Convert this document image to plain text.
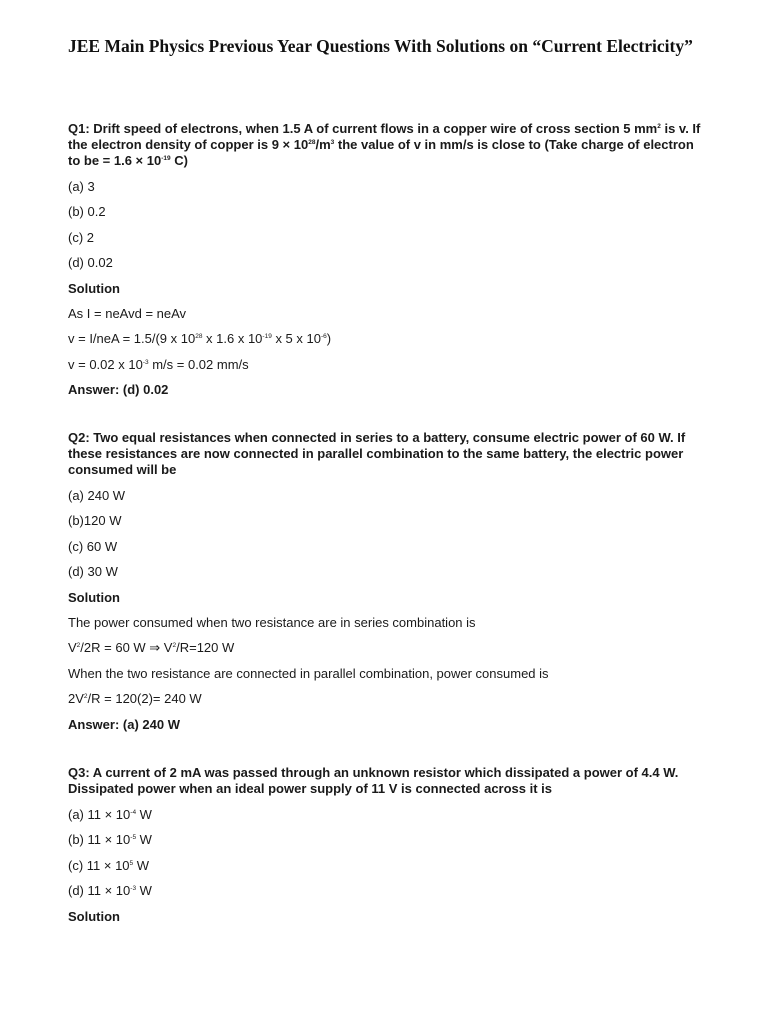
JEE Main Physics Previous Year Questions With Solutions on “Current Electricity”

Q1: Drift speed of electrons, when 1.5 A of current flows in a copper wire of cross section 5 $mm^2$ is v. If the electron density of copper is $9 \times 10^{28}/m^3$ the value of v in mm/s is close to (Take charge of electron to be = $1.6 \times 10^{-19}$ C)

(a) 3

(b) 0.2

(c) 2

(d) 0.02

Solution

As I = neAvd = neAv

v = I/neA = 1.5/(9 x $10^{28}$ x 1.6 x $10^{-19}$ x 5 x $10^{-6}$)

v = 0.02 x $10^{-3}$ m/s = 0.02 mm/s

Answer: (d) 0.02

Q2: Two equal resistances when connected in series to a battery, consume electric power of 60 W. If these resistances are now connected in parallel combination to the same battery, the electric power consumed will be

(a) 240 W

(b)120 W

(c) 60 W

(d) 30 W

Solution

The power consumed when two resistance are in series combination is

$V^2/2R = 60$ W ⇒ $V^2/R=120$ W

When the two resistance are connected in parallel combination, power consumed is

$2V^2/R = 120(2)= 240$ W

Answer: (a) 240 W

Q3: A current of 2 mA was passed through an unknown resistor which dissipated a power of 4.4 W. Dissipated power when an ideal power supply of 11 V is connected across it is

(a) $11 \times 10^{-4}$ W

(b) $11 \times 10^{-5}$ W

(c) $11 \times 10^5$ W

(d) $11 \times 10^{-3}$ W

Solution
